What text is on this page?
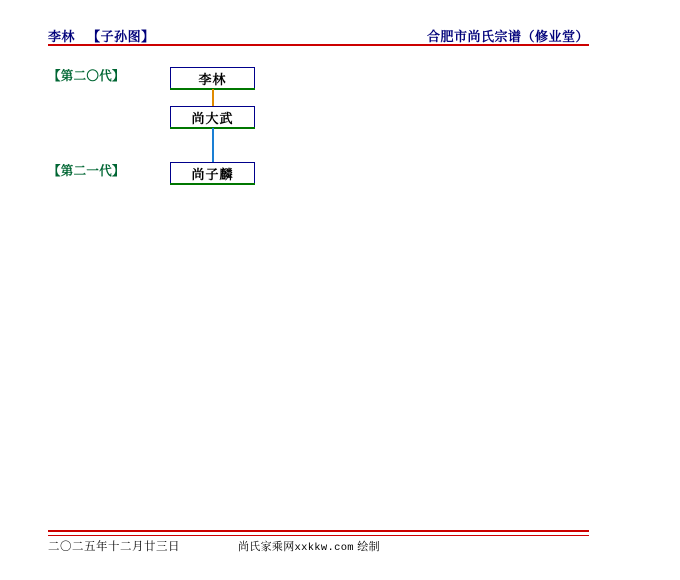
李林 【子孙图】	合肥市尚氏宗谱（修业堂）
【第二〇代】
【第二一代】
李林
尚大武
尚子麟
二〇二五年十二月廿三日	尚氏家乘网xxkkw.com 绘制
